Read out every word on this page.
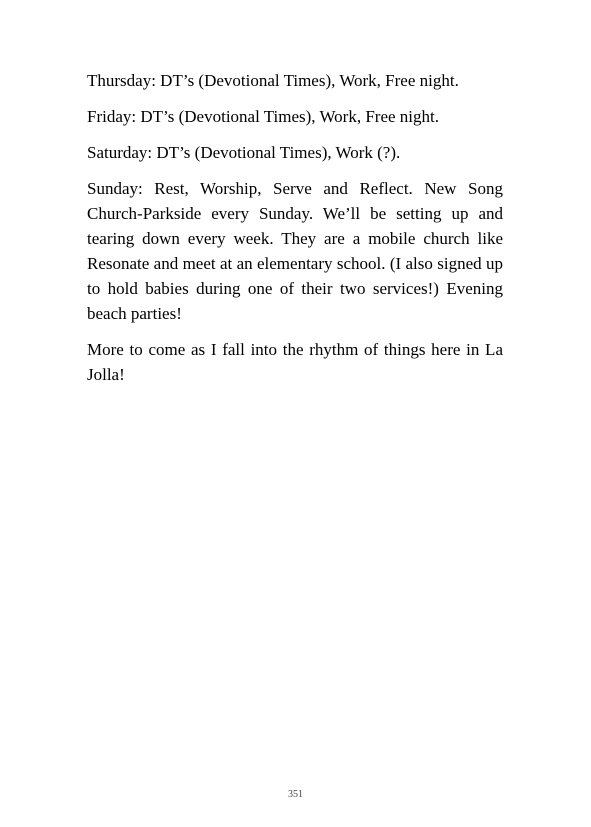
Thursday: DT’s (Devotional Times), Work, Free night.

Friday: DT’s (Devotional Times), Work, Free night.

Saturday: DT’s (Devotional Times), Work (?).

Sunday: Rest, Worship, Serve and Reflect. New Song Church-Parkside every Sunday. We’ll be setting up and tearing down every week. They are a mobile church like Resonate and meet at an elementary school. (I also signed up to hold babies during one of their two services!) Evening beach parties!

More to come as I fall into the rhythm of things here in La Jolla!

351
